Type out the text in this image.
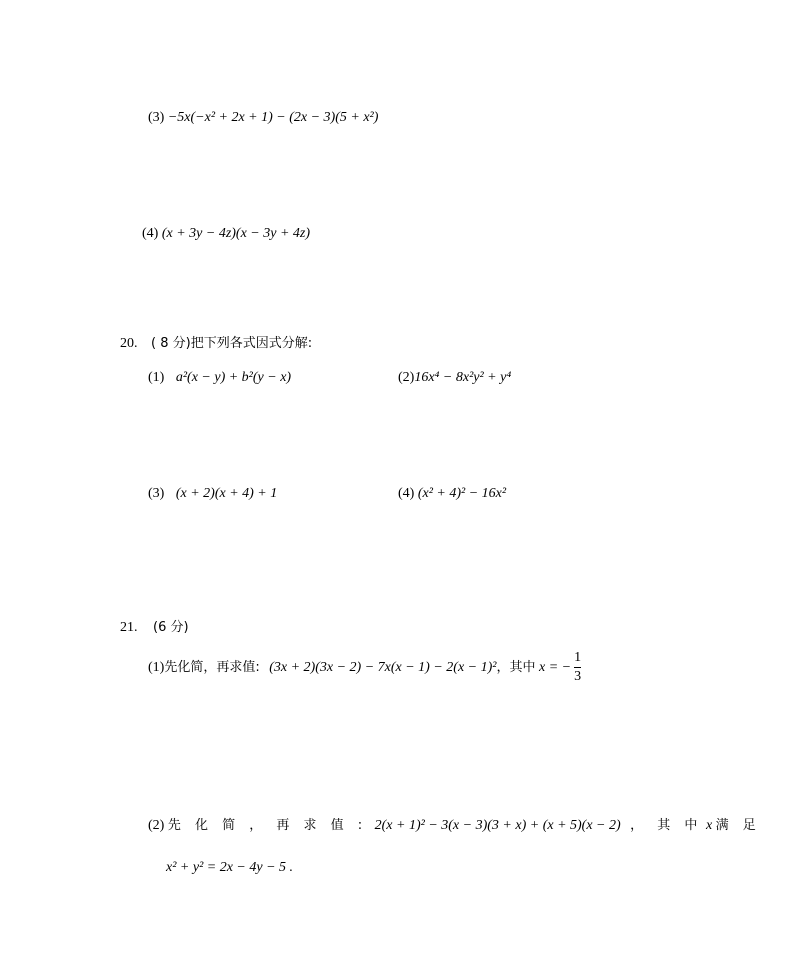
(3) −5x(−x² + 2x + 1) − (2x − 3)(5 + x²)
(4) (x + 3y − 4z)(x − 3y + 4z)
20. ( 8 分)把下列各式因式分解:
(1) a²(x − y) + b²(y − x)	(2)16x⁴ − 8x²y² + y⁴
(3) (x + 2)(x + 4) + 1	(4) (x² + 4)² − 16x²
21. (6 分)
(1)先化简，再求值: (3x + 2)(3x − 2) − 7x(x − 1) − 2(x − 1)²，其中 x = − $\frac{1}{3}$
(2) 先 化 简 ， 再 求 值 : 2(x + 1)² − 3(x − 3)(3 + x) + (x + 5)(x − 2) ， 其 中 x 满 足
x² + y² = 2x − 4y − 5 .
